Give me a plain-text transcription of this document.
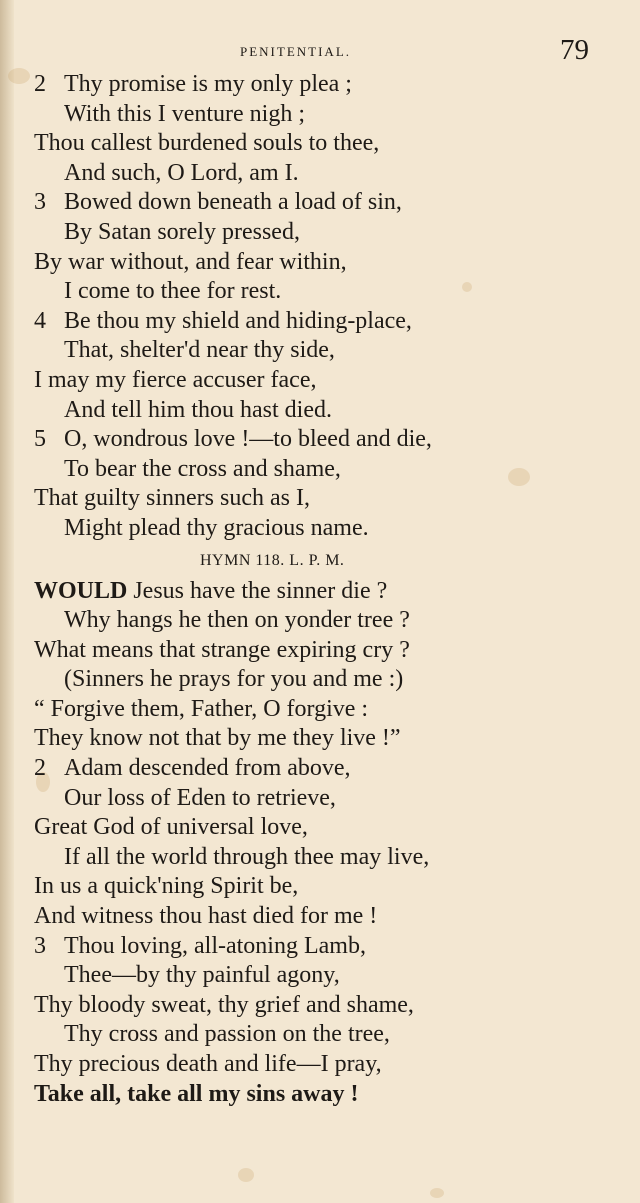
PENITENTIAL.	79
2 Thy promise is my only plea ;
With this I venture nigh ;
Thou callest burdened souls to thee,
And such, O Lord, am I.
3 Bowed down beneath a load of sin,
By Satan sorely pressed,
By war without, and fear within,
I come to thee for rest.
4 Be thou my shield and hiding-place,
That, shelter'd near thy side,
I may my fierce accuser face,
And tell him thou hast died.
5 O, wondrous love !—to bleed and die,
To bear the cross and shame,
That guilty sinners such as I,
Might plead thy gracious name.
HYMN 118. L. P. M.
WOULD Jesus have the sinner die ?
Why hangs he then on yonder tree ?
What means that strange expiring cry ?
(Sinners he prays for you and me :)
“ Forgive them, Father, O forgive :
They know not that by me they live !”
2 Adam descended from above,
Our loss of Eden to retrieve,
Great God of universal love,
If all the world through thee may live,
In us a quick'ning Spirit be,
And witness thou hast died for me !
3 Thou loving, all-atoning Lamb,
Thee—by thy painful agony,
Thy bloody sweat, thy grief and shame,
Thy cross and passion on the tree,
Thy precious death and life—I pray,
Take all, take all my sins away !
